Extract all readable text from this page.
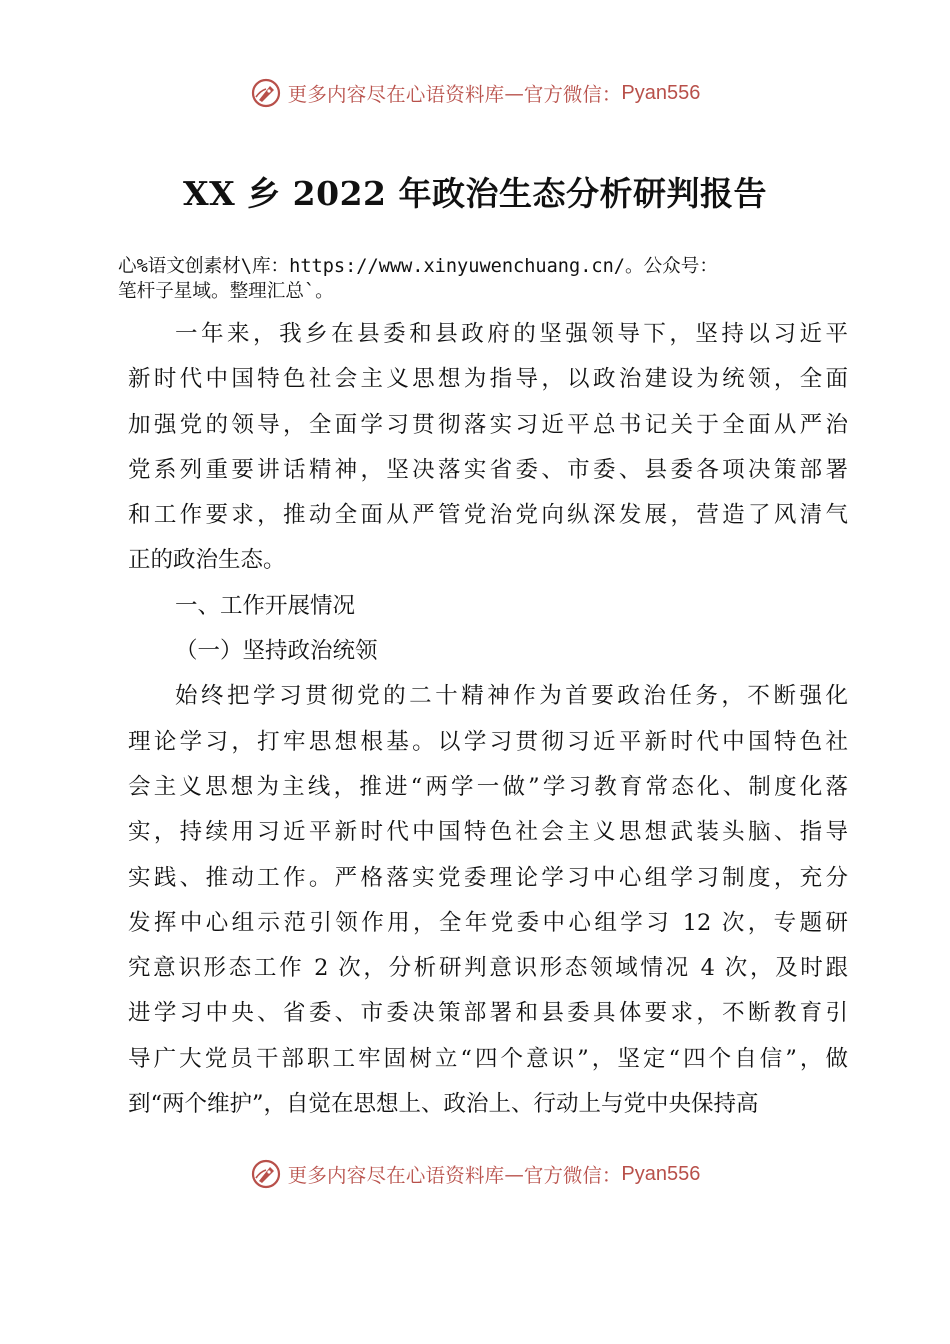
更多内容尽在心语资料库 — 官方微信： Pyan556
XX 乡 2022 年政治生态分析研判报告
心%语文创素材\库：https://www.xinyuwenchuang.cn/。公众号：
笔杆子星域。整理汇总`。
一年来，我乡在县委和县政府的坚强领导下，坚持以习近平
新时代中国特色社会主义思想为指导，以政治建设为统领，全面
加强党的领导，全面学习贯彻落实习近平总书记关于全面从严治
党系列重要讲话精神，坚决落实省委、市委、县委各项决策部署
和工作要求，推动全面从严管党治党向纵深发展，营造了风清气
正的政治生态。
一、工作开展情况
（一）坚持政治统领
始终把学习贯彻党的二十精神作为首要政治任务，不断强化
理论学习，打牢思想根基。以学习贯彻习近平新时代中国特色社
会主义思想为主线，推进“两学一做”学习教育常态化、制度化落
实，持续用习近平新时代中国特色社会主义思想武装头脑、指导
实践、推动工作。严格落实党委理论学习中心组学习制度，充分
发挥中心组示范引领作用，全年党委中心组学习 12 次，专题研
究意识形态工作 2 次，分析研判意识形态领域情况 4 次，及时跟
进学习中央、省委、市委决策部署和县委具体要求，不断教育引
导广大党员干部职工牢固树立“四个意识”，坚定“四个自信”，做
到“两个维护”，自觉在思想上、政治上、行动上与党中央保持高
更多内容尽在心语资料库 — 官方微信： Pyan556
